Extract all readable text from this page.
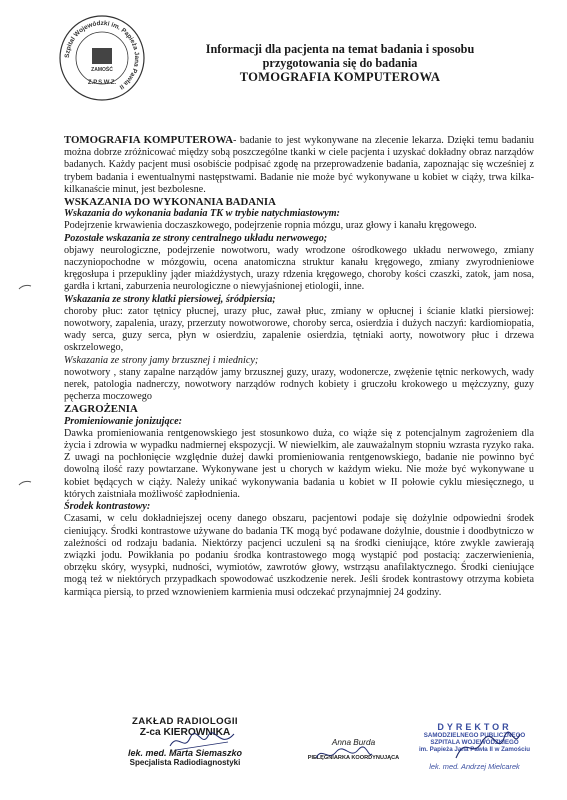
Szpital Wojewódzki im. Papieża Jana Pawła II
ZAMOŚĆ
Z.P.S.W.Z.
Informacji dla pacjenta na temat badania i sposobu
przygotowania się do badania
TOMOGRAFIA KOMPUTEROWA

TOMOGRAFIA KOMPUTEROWA- badanie to jest wykonywane na zlecenie lekarza. Dzięki temu badaniu można dobrze zróżnicować między sobą poszczególne tkanki w ciele pacjenta i uzyskać dokładny obraz narządów badanych. Każdy pacjent musi osobiście podpisać zgodę na przeprowadzenie badania, zapoznając się wcześniej z trybem badania i ewentualnymi następstwami. Badanie nie może być wykonywane u kobiet w ciąży, trwa kilka-kilkanaście minut, jest bezbolesne.

WSKAZANIA DO WYKONANIA BADANIA

Wskazania do wykonania badania TK w trybie natychmiastowym:

Podejrzenie krwawienia doczaszkowego, podejrzenie ropnia mózgu, uraz głowy i kanału kręgowego.

Pozostałe wskazania ze strony centralnego układu nerwowego;

objawy neurologiczne, podejrzenie nowotworu, wady wrodzone ośrodkowego układu nerwowego, zmiany naczyniopochodne w mózgowiu, ocena anatomiczna struktur kanału kręgowego, zmiany zwyrodnieniowe kręgosłupa i przepukliny jąder miażdżystych, urazy rdzenia kręgowego, choroby kości czaszki, zatok, jam nosa, gardła i krtani, zaburzenia neurologiczne o niewyjaśnionej etiologii, inne.

Wskazania ze strony klatki piersiowej, śródpiersia;

choroby płuc: zator tętnicy płucnej, urazy płuc, zawał płuc, zmiany w opłucnej i ścianie klatki piersiowej: nowotwory, zapalenia, urazy, przerzuty nowotworowe, choroby serca, osierdzia i dużych naczyń: kardiomiopatia, wady serca, guzy serca, płyn w osierdziu, zapalenie osierdzia, tętniaki aorty, nowotwory płuc i drzewa oskrzelowego,

Wskazania ze strony jamy brzusznej i miednicy;

nowotwory , stany zapalne narządów jamy brzusznej guzy, urazy, wodonercze, zwężenie tętnic nerkowych, wady nerek, patologia nadnerczy, nowotwory narządów rodnych kobiety i gruczołu krokowego u mężczyzny, guzy pęcherza moczowego

ZAGROŻENIA

Promieniowanie jonizujące:

Dawka promieniowania rentgenowskiego jest stosunkowo duża, co wiąże się z potencjalnym zagrożeniem dla życia i zdrowia w wypadku nadmiernej ekspozycji. W niewielkim, ale zauważalnym stopniu wzrasta ryzyko raka. Z uwagi na pochłonięcie względnie dużej dawki promieniowania rentgenowskiego, badanie nie powinno być dowolną ilość razy powtarzane. Wykonywane jest u chorych w każdym wieku. Nie może być wykonywane u kobiet będących w ciąży. Należy unikać wykonywania badania u kobiet w II połowie cyklu miesięcznego, u których zaistniała możliwość zapłodnienia.

Środek kontrastowy:

Czasami, w celu dokładniejszej oceny danego obszaru, pacjentowi podaje się dożylnie odpowiedni środek cieniujący. Środki kontrastowe używane do badania TK mogą być podawane dożylnie, doustnie i doodbytniczo w zależności od rodzaju badania. Niektórzy pacjenci uczuleni są na środki cieniujące, które zwykle zawierają związki jodu. Powikłania po podaniu środka kontrastowego mogą wystąpić pod postacią: zaczerwienienia, obrzęku skóry, wysypki, nudności, wymiotów, zawrotów głowy, wstrząsu anafilaktycznego. Środki cieniujące mogą też w niektórych przypadkach spowodować uszkodzenie nerek. Jeśli środek kontrastowy otrzyma kobieta karmiąca piersią, to przed wznowieniem karmienia musi odczekać przynajmniej 24 godziny.

ZAKŁAD RADIOLOGII
Z-ca KIEROWNIKA
lek. med. Marta Siemaszko
Specjalista Radiodiagnostyki
Anna Burda
PIELĘGNIARKA KOORDYNUJĄCA
DYREKTOR
SAMODZIELNEGO PUBLICZNEGO
SZPITALA WOJEWÓDZKIEGO
im. Papieża Jana Pawła II w Zamościu
lek. med. Andrzej Mielcarek
